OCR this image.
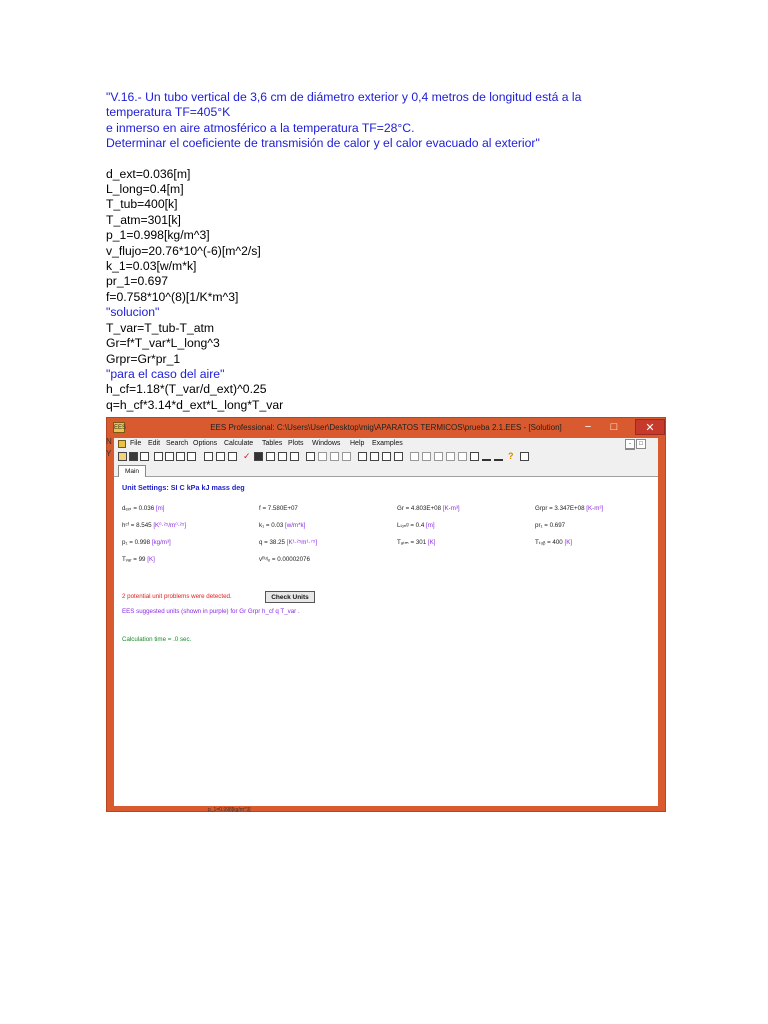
"V.16.- Un tubo vertical de 3,6 cm de diámetro exterior y 0,4 metros de longitud está a la
temperatura TF=405°K
e inmerso en aire atmosférico a la temperatura TF=28°C.
Determinar el coeficiente de transmisión de calor y el calor evacuado al exterior"
d_ext=0.036[m]
L_long=0.4[m]
T_tub=400[k]
T_atm=301[k]
p_1=0.998[kg/m^3]
v_flujo=20.76*10^(-6)[m^2/s]
k_1=0.03[w/m*k]
pr_1=0.697
f=0.758*10^(8)[1/K*m^3]
"solucion"
T_var=T_tub-T_atm
Gr=f*T_var*L_long^3
Grpr=Gr*pr_1
"para el caso del aire"
h_cf=1.18*(T_var/d_ext)^0.25
q=h_cf*3.14*d_ext*L_long*T_var
EES	EES Professional: C:\Users\User\Desktop\mig\APARATOS TERMICOS\prueba 2.1.EES - [Solution]	−	□	✕
File Edit Search Options Calculate Tables Plots Windows Help Examples	- □
✓	?
Main
Unit Settings: SI C kPa kJ mass deg
dₑₓₜ = 0.036 [m]	f = 7.580E+07	Gr = 4.803E+08 [K-m³]	Grpr = 3.347E+08 [K-m³]
hᶜᶠ = 8.545 [K⁰·²⁵/m⁰·²⁵]	k₁ = 0.03 [w/m*k]	Lₗₒₙᵍ = 0.4 [m]	pr₁ = 0.697
p₁ = 0.998 [kg/m³]	q = 38.25 [K¹·²⁵m¹·⁷⁵]	Tₐₜₘ = 301 [K]	Tₜᵤᵦ = 400 [K]
Tᵥₐᵣ = 99 [K]	vᶠˡᵘʲₒ = 0.00002076
2 potential unit problems were detected.	Check Units
EES suggested units (shown in purple) for Gr Grpr h_cf q T_var .
Calculation time = .0 sec.
N
Y
p_1=0.998[kg/m^3]
